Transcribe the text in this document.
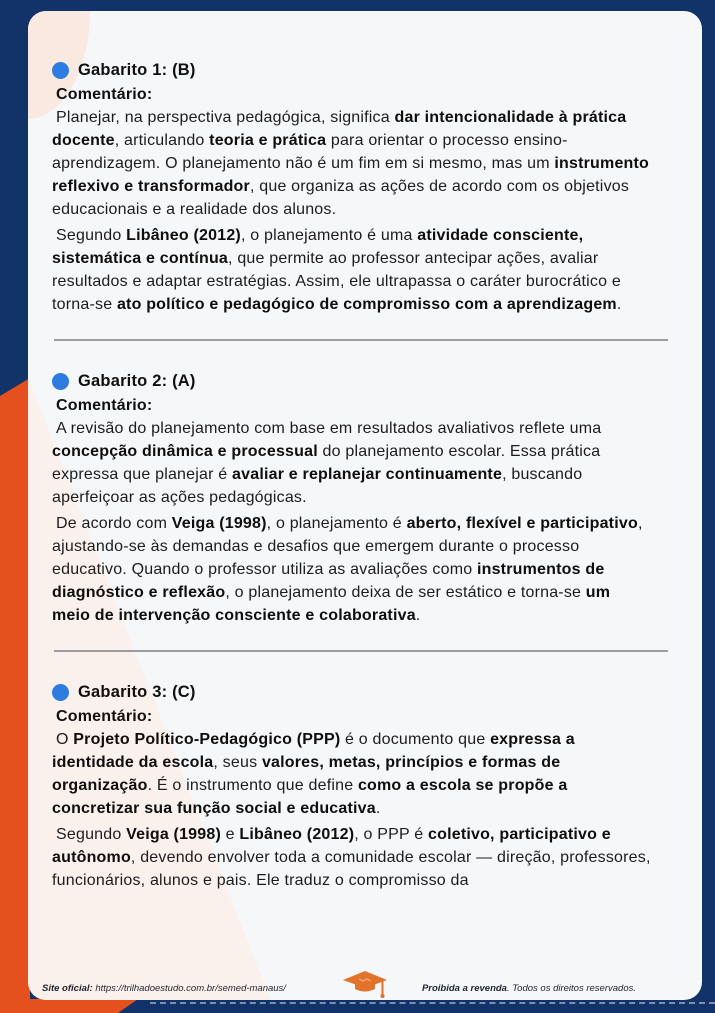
Gabarito 1: (B)
Comentário:

Planejar, na perspectiva pedagógica, significa dar intencionalidade à prática docente, articulando teoria e prática para orientar o processo ensino-aprendizagem. O planejamento não é um fim em si mesmo, mas um instrumento reflexivo e transformador, que organiza as ações de acordo com os objetivos educacionais e a realidade dos alunos.

Segundo Libâneo (2012), o planejamento é uma atividade consciente, sistemática e contínua, que permite ao professor antecipar ações, avaliar resultados e adaptar estratégias. Assim, ele ultrapassa o caráter burocrático e torna-se ato político e pedagógico de compromisso com a aprendizagem.

Gabarito 2: (A)
Comentário:

A revisão do planejamento com base em resultados avaliativos reflete uma concepção dinâmica e processual do planejamento escolar. Essa prática expressa que planejar é avaliar e replanejar continuamente, buscando aperfeiçoar as ações pedagógicas.

De acordo com Veiga (1998), o planejamento é aberto, flexível e participativo, ajustando-se às demandas e desafios que emergem durante o processo educativo. Quando o professor utiliza as avaliações como instrumentos de diagnóstico e reflexão, o planejamento deixa de ser estático e torna-se um meio de intervenção consciente e colaborativa.

Gabarito 3: (C)
Comentário:

O Projeto Político-Pedagógico (PPP) é o documento que expressa a identidade da escola, seus valores, metas, princípios e formas de organização. É o instrumento que define como a escola se propõe a concretizar sua função social e educativa.

Segundo Veiga (1998) e Libâneo (2012), o PPP é coletivo, participativo e autônomo, devendo envolver toda a comunidade escolar — direção, professores, funcionários, alunos e pais. Ele traduz o compromisso da

Site oficial: https://trilhadoestudo.com.br/semed-manaus/	Proibida a revenda. Todos os direitos reservados.
